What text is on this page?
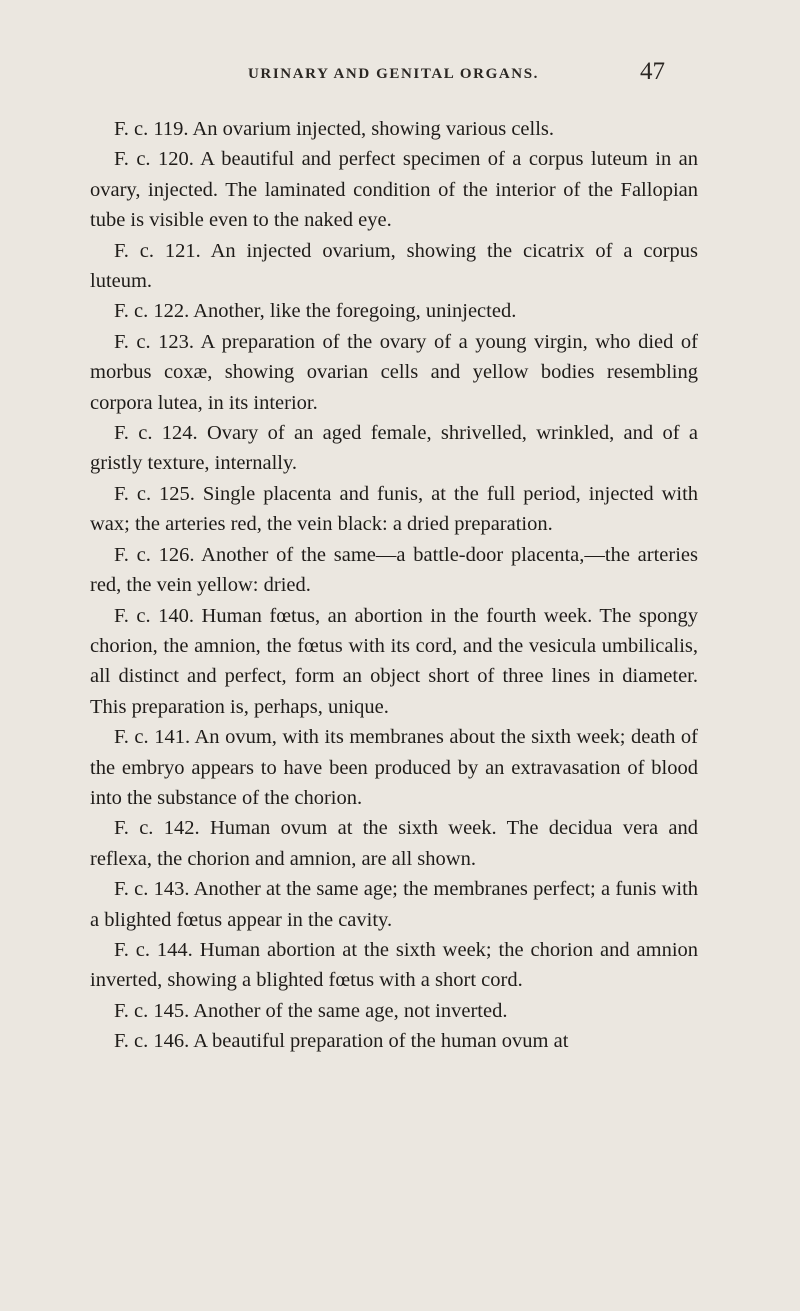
URINARY AND GENITAL ORGANS.	47

F. c. 119. An ovarium injected, showing various cells.

F. c. 120. A beautiful and perfect specimen of a corpus luteum in an ovary, injected. The laminated condition of the interior of the Fallopian tube is visible even to the naked eye.

F. c. 121. An injected ovarium, showing the cicatrix of a corpus luteum.

F. c. 122. Another, like the foregoing, uninjected.

F. c. 123. A preparation of the ovary of a young virgin, who died of morbus coxæ, showing ovarian cells and yellow bodies resembling corpora lutea, in its interior.

F. c. 124. Ovary of an aged female, shrivelled, wrinkled, and of a gristly texture, internally.

F. c. 125. Single placenta and funis, at the full period, injected with wax; the arteries red, the vein black: a dried preparation.

F. c. 126. Another of the same—a battle-door placenta,—the arteries red, the vein yellow: dried.

F. c. 140. Human fœtus, an abortion in the fourth week. The spongy chorion, the amnion, the fœtus with its cord, and the vesicula umbilicalis, all distinct and perfect, form an object short of three lines in diameter. This preparation is, perhaps, unique.

F. c. 141. An ovum, with its membranes about the sixth week; death of the embryo appears to have been produced by an extravasation of blood into the substance of the chorion.

F. c. 142. Human ovum at the sixth week. The decidua vera and reflexa, the chorion and amnion, are all shown.

F. c. 143. Another at the same age; the membranes perfect; a funis with a blighted fœtus appear in the cavity.

F. c. 144. Human abortion at the sixth week; the chorion and amnion inverted, showing a blighted fœtus with a short cord.

F. c. 145. Another of the same age, not inverted.

F. c. 146. A beautiful preparation of the human ovum at
